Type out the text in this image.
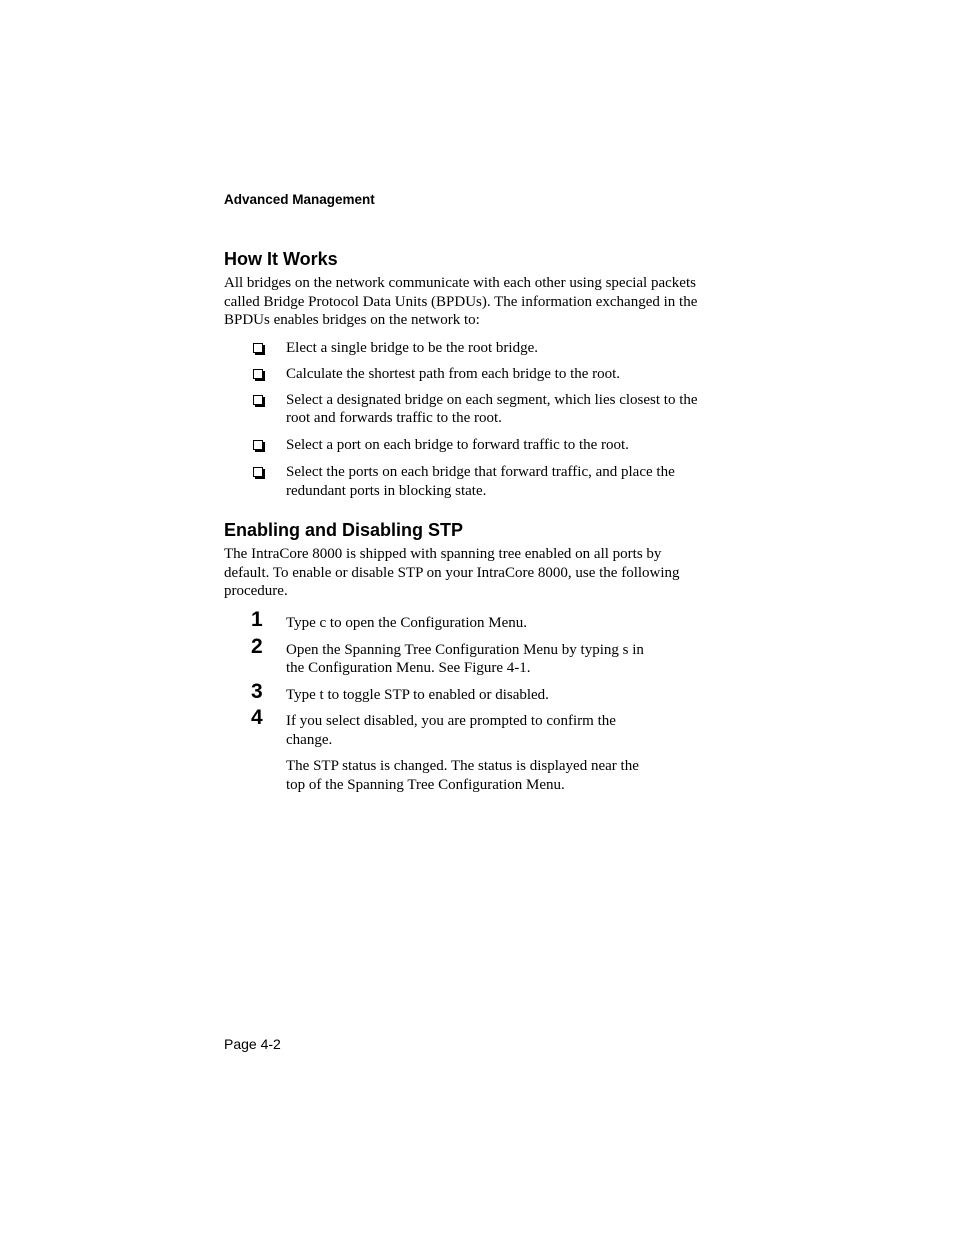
Advanced Management

How It Works

All bridges on the network communicate with each other using special packets called Bridge Protocol Data Units (BPDUs). The information exchanged in the BPDUs enables bridges on the network to:

Elect a single bridge to be the root bridge.
Calculate the shortest path from each bridge to the root.
Select a designated bridge on each segment, which lies closest to the root and forwards traffic to the root.
Select a port on each bridge to forward traffic to the root.
Select the ports on each bridge that forward traffic, and place the redundant ports in blocking state.
Enabling and Disabling STP

The IntraCore 8000 is shipped with spanning tree enabled on all ports by default. To enable or disable STP on your IntraCore 8000, use the following procedure.

1 Type c to open the Configuration Menu.
2 Open the Spanning Tree Configuration Menu by typing s in the Configuration Menu. See Figure 4-1.
3 Type t to toggle STP to enabled or disabled.
4 If you select disabled, you are prompted to confirm the change.

The STP status is changed. The status is displayed near the top of the Spanning Tree Configuration Menu.

Page 4-2
